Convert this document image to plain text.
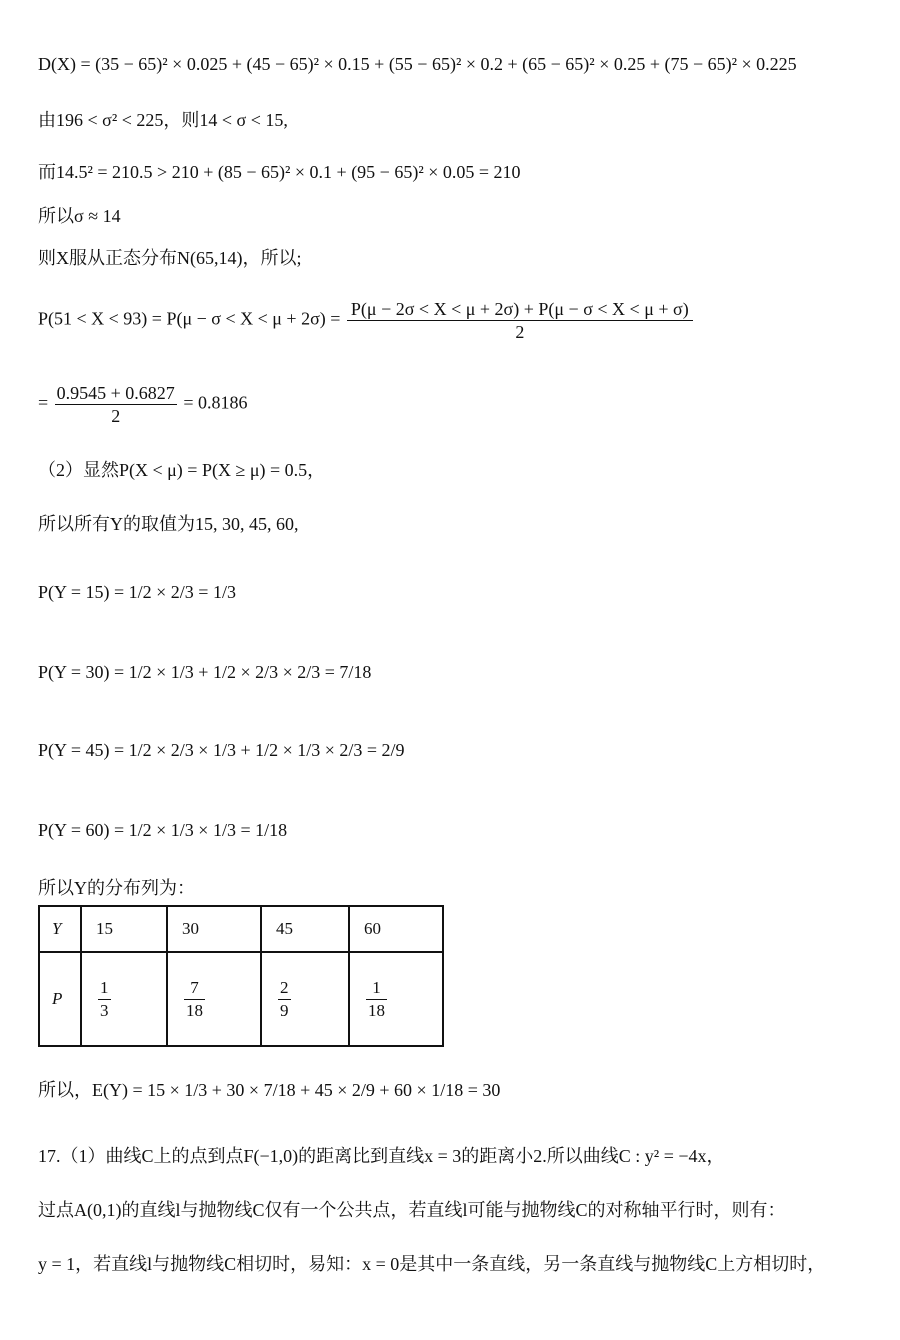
D(X) = (35 − 65)² × 0.025 + (45 − 65)² × 0.15 + (55 − 65)² × 0.2 + (65 − 65)² × 0.25 + (75 − 65)² × 0.225
由196 < σ² < 225，则14 < σ < 15,
而14.5² = 210.5 > 210 + (85 − 65)² × 0.1 + (95 − 65)² × 0.05 = 210
所以σ ≈ 14
则X服从正态分布N(65,14)，所以;
$P(51 < X < 93) = P(\mu - \sigma < X < \mu + 2\sigma) = \frac{P(\mu - 2\sigma < X < \mu + 2\sigma) + P(\mu - \sigma < X < \mu + \sigma)}{2}$
= $\frac{0.9545 + 0.6827}{2} = 0.8186$
（2）显然P(X < μ) = P(X ≥ μ) = 0.5，
所以所有Y的取值为15, 30, 45, 60,
P(Y = 15) = 1/2 × 2/3 = 1/3
P(Y = 30) = 1/2 × 1/3 + 1/2 × 2/3 × 2/3 = 7/18
P(Y = 45) = 1/2 × 2/3 × 1/3 + 1/2 × 1/3 × 2/3 = 2/9
P(Y = 60) = 1/2 × 1/3 × 1/3 = 1/18
所以Y的分布列为：
Y	15	30	45	60
P	$\frac{1}{3}$	$\frac{7}{18}$	$\frac{2}{9}$	$\frac{1}{18}$
所以，E(Y) = 15 × 1/3 + 30 × 7/18 + 45 × 2/9 + 60 × 1/18 = 30
17.（1）曲线C上的点到点F(−1,0)的距离比到直线x = 3的距离小2.所以曲线C : y² = −4x，
过点A(0,1)的直线l与抛物线C仅有一个公共点，若直线l可能与抛物线C的对称轴平行时，则有：
y = 1，若直线l与抛物线C相切时，易知：x = 0是其中一条直线，另一条直线与抛物线C上方相切时，
